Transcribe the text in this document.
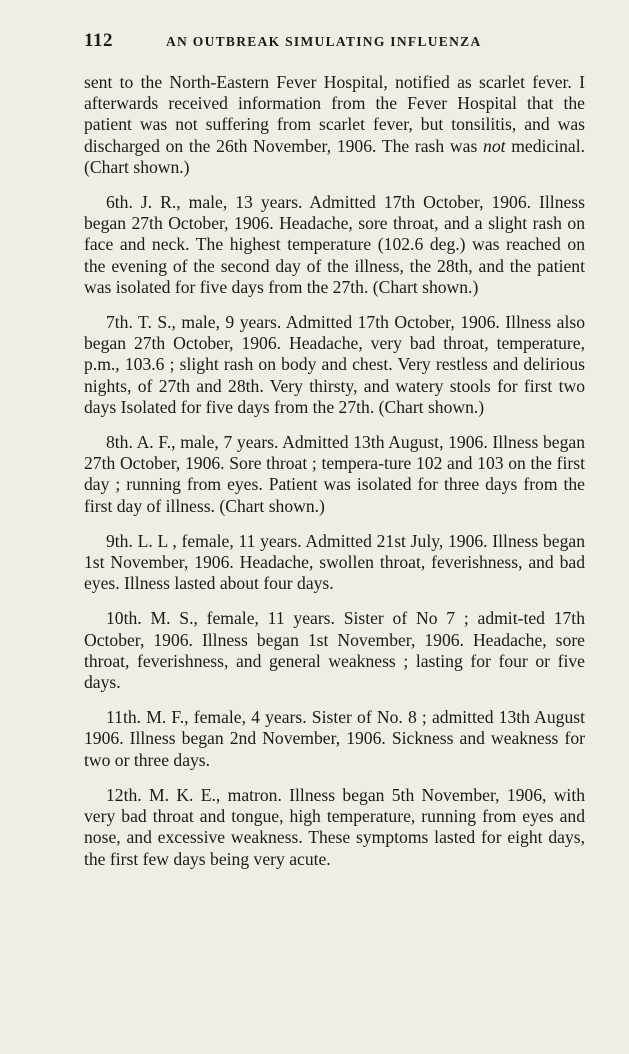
112	AN OUTBREAK SIMULATING INFLUENZA

sent to the North-Eastern Fever Hospital, notified as scarlet fever. I afterwards received information from the Fever Hospital that the patient was not suffering from scarlet fever, but tonsilitis, and was discharged on the 26th November, 1906. The rash was not medicinal. (Chart shown.)

6th. J. R., male, 13 years. Admitted 17th October, 1906. Illness began 27th October, 1906. Headache, sore throat, and a slight rash on face and neck. The highest temperature (102.6 deg.) was reached on the evening of the second day of the illness, the 28th, and the patient was isolated for five days from the 27th. (Chart shown.)

7th. T. S., male, 9 years. Admitted 17th October, 1906. Illness also began 27th October, 1906. Headache, very bad throat, temperature, p.m., 103.6 ; slight rash on body and chest. Very restless and delirious nights, of 27th and 28th. Very thirsty, and watery stools for first two days Isolated for five days from the 27th. (Chart shown.)

8th. A. F., male, 7 years. Admitted 13th August, 1906. Illness began 27th October, 1906. Sore throat ; tempera-ture 102 and 103 on the first day ; running from eyes. Patient was isolated for three days from the first day of illness. (Chart shown.)

9th. L. L , female, 11 years. Admitted 21st July, 1906. Illness began 1st November, 1906. Headache, swollen throat, feverishness, and bad eyes. Illness lasted about four days.

10th. M. S., female, 11 years. Sister of No 7 ; admit-ted 17th October, 1906. Illness began 1st November, 1906. Headache, sore throat, feverishness, and general weakness ; lasting for four or five days.

11th. M. F., female, 4 years. Sister of No. 8 ; admitted 13th August 1906. Illness began 2nd November, 1906. Sickness and weakness for two or three days.

12th. M. K. E., matron. Illness began 5th November, 1906, with very bad throat and tongue, high temperature, running from eyes and nose, and excessive weakness. These symptoms lasted for eight days, the first few days being very acute.
